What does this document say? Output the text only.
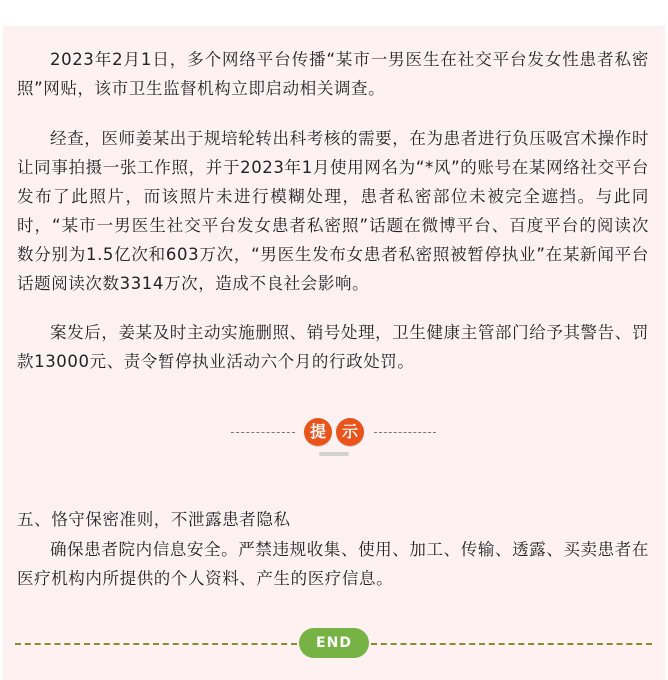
2023年2月1日，多个网络平台传播“某市一男医生在社交平台发女性患者私密照”网贴，该市卫生监督机构立即启动相关调查。

经查，医师姜某出于规培轮转出科考核的需要，在为患者进行负压吸宫术操作时让同事拍摄一张工作照，并于2023年1月使用网名为“*风”的账号在某网络社交平台发布了此照片，而该照片未进行模糊处理，患者私密部位未被完全遮挡。与此同时，“某市一男医生社交平台发女患者私密照”话题在微博平台、百度平台的阅读次数分别为1.5亿次和603万次，“男医生发布女患者私密照被暂停执业”在某新闻平台话题阅读次数3314万次，造成不良社会影响。

案发后，姜某及时主动实施删照、销号处理，卫生健康主管部门给予其警告、罚款13000元、责令暂停执业活动六个月的行政处罚。

提 示

五、恪守保密准则，不泄露患者隐私

确保患者院内信息安全。严禁违规收集、使用、加工、传输、透露、买卖患者在医疗机构内所提供的个人资料、产生的医疗信息。

END
